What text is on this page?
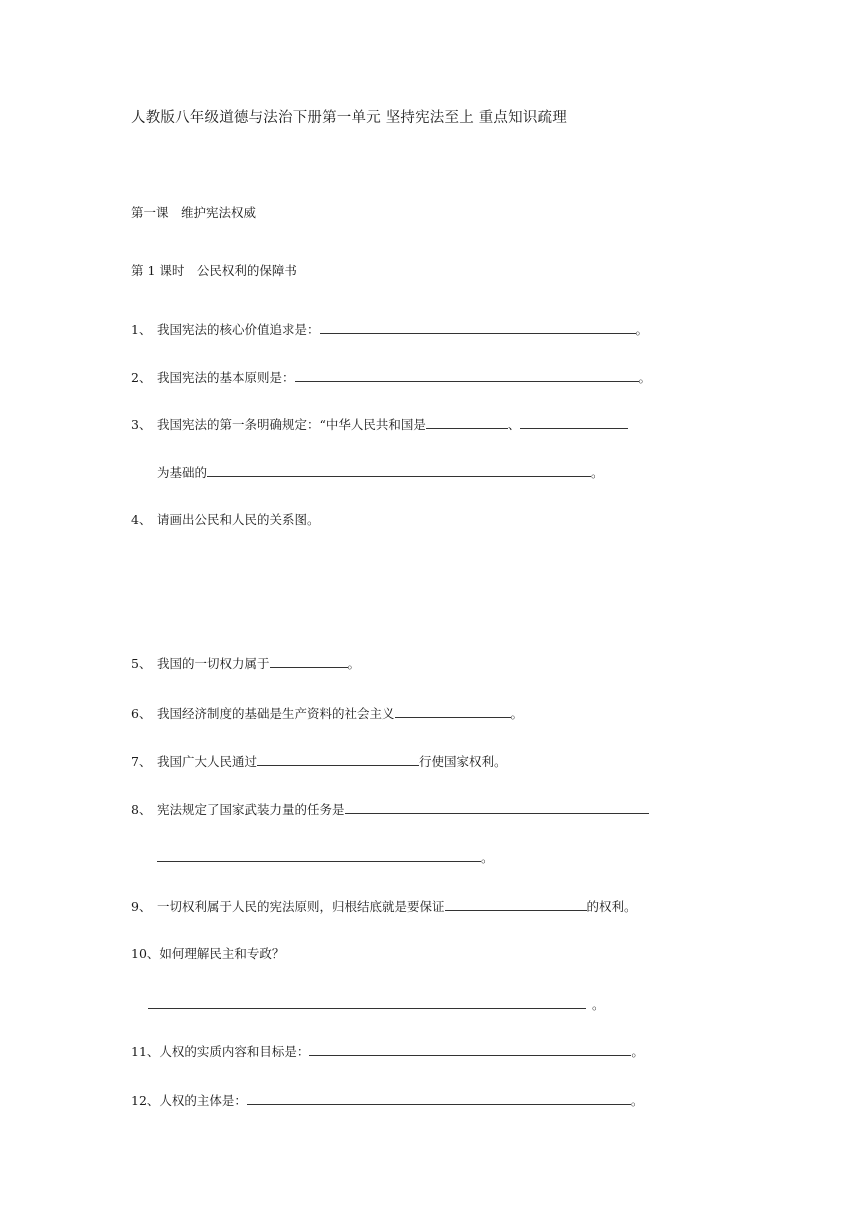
人教版八年级道德与法治下册第一单元 坚持宪法至上 重点知识疏理
第一课　维护宪法权威
第 1 课时　公民权利的保障书
1、 我国宪法的核心价值追求是：	。
2、 我国宪法的基本原则是：	。
3、 我国宪法的第一条明确规定：“中华人民共和国是	、
为基础的	。
4、 请画出公民和人民的关系图。
5、 我国的一切权力属于	。
6、 我国经济制度的基础是生产资料的社会主义	。
7、 我国广大人民通过	行使国家权利。
8、 宪法规定了国家武装力量的任务是
。
9、 一切权利属于人民的宪法原则，归根结底就是要保证	的权利。
10、如何理解民主和专政？
。
11、人权的实质内容和目标是：	。
12、人权的主体是：	。
